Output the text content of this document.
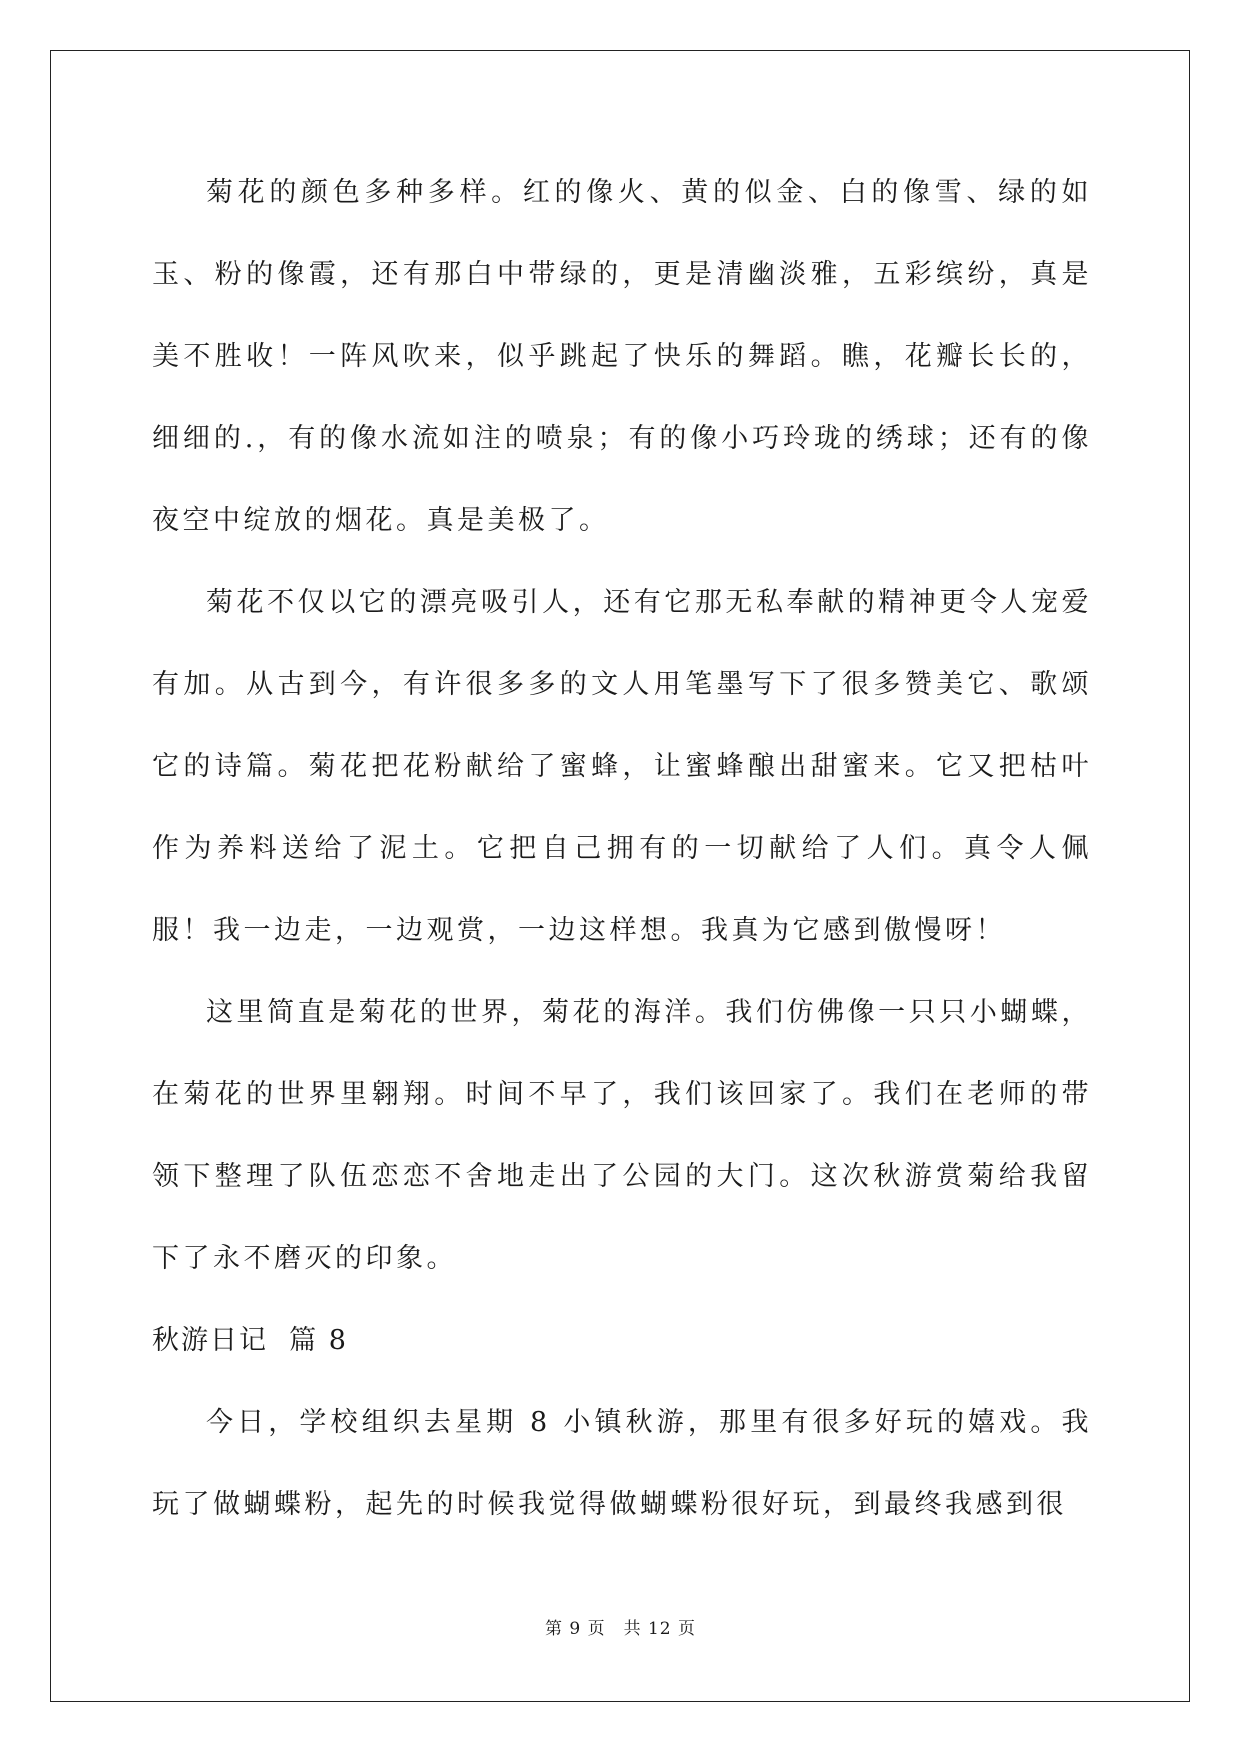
菊花的颜色多种多样。红的像火、黄的似金、白的像雪、绿的如玉、粉的像霞，还有那白中带绿的，更是清幽淡雅，五彩缤纷，真是美不胜收！一阵风吹来，似乎跳起了快乐的舞蹈。瞧，花瓣长长的，细细的.，有的像水流如注的喷泉；有的像小巧玲珑的绣球；还有的像夜空中绽放的烟花。真是美极了。

菊花不仅以它的漂亮吸引人，还有它那无私奉献的精神更令人宠爱有加。从古到今，有许很多多的文人用笔墨写下了很多赞美它、歌颂它的诗篇。菊花把花粉献给了蜜蜂，让蜜蜂酿出甜蜜来。它又把枯叶作为养料送给了泥土。它把自己拥有的一切献给了人们。真令人佩服！我一边走，一边观赏，一边这样想。我真为它感到傲慢呀！

这里简直是菊花的世界，菊花的海洋。我们仿佛像一只只小蝴蝶，在菊花的世界里翱翔。时间不早了，我们该回家了。我们在老师的带领下整理了队伍恋恋不舍地走出了公园的大门。这次秋游赏菊给我留下了永不磨灭的印象。

秋游日记  篇 8

今日，学校组织去星期 8 小镇秋游，那里有很多好玩的嬉戏。我玩了做蝴蝶粉，起先的时候我觉得做蝴蝶粉很好玩，到最终我感到很

第 9 页 共 12 页
